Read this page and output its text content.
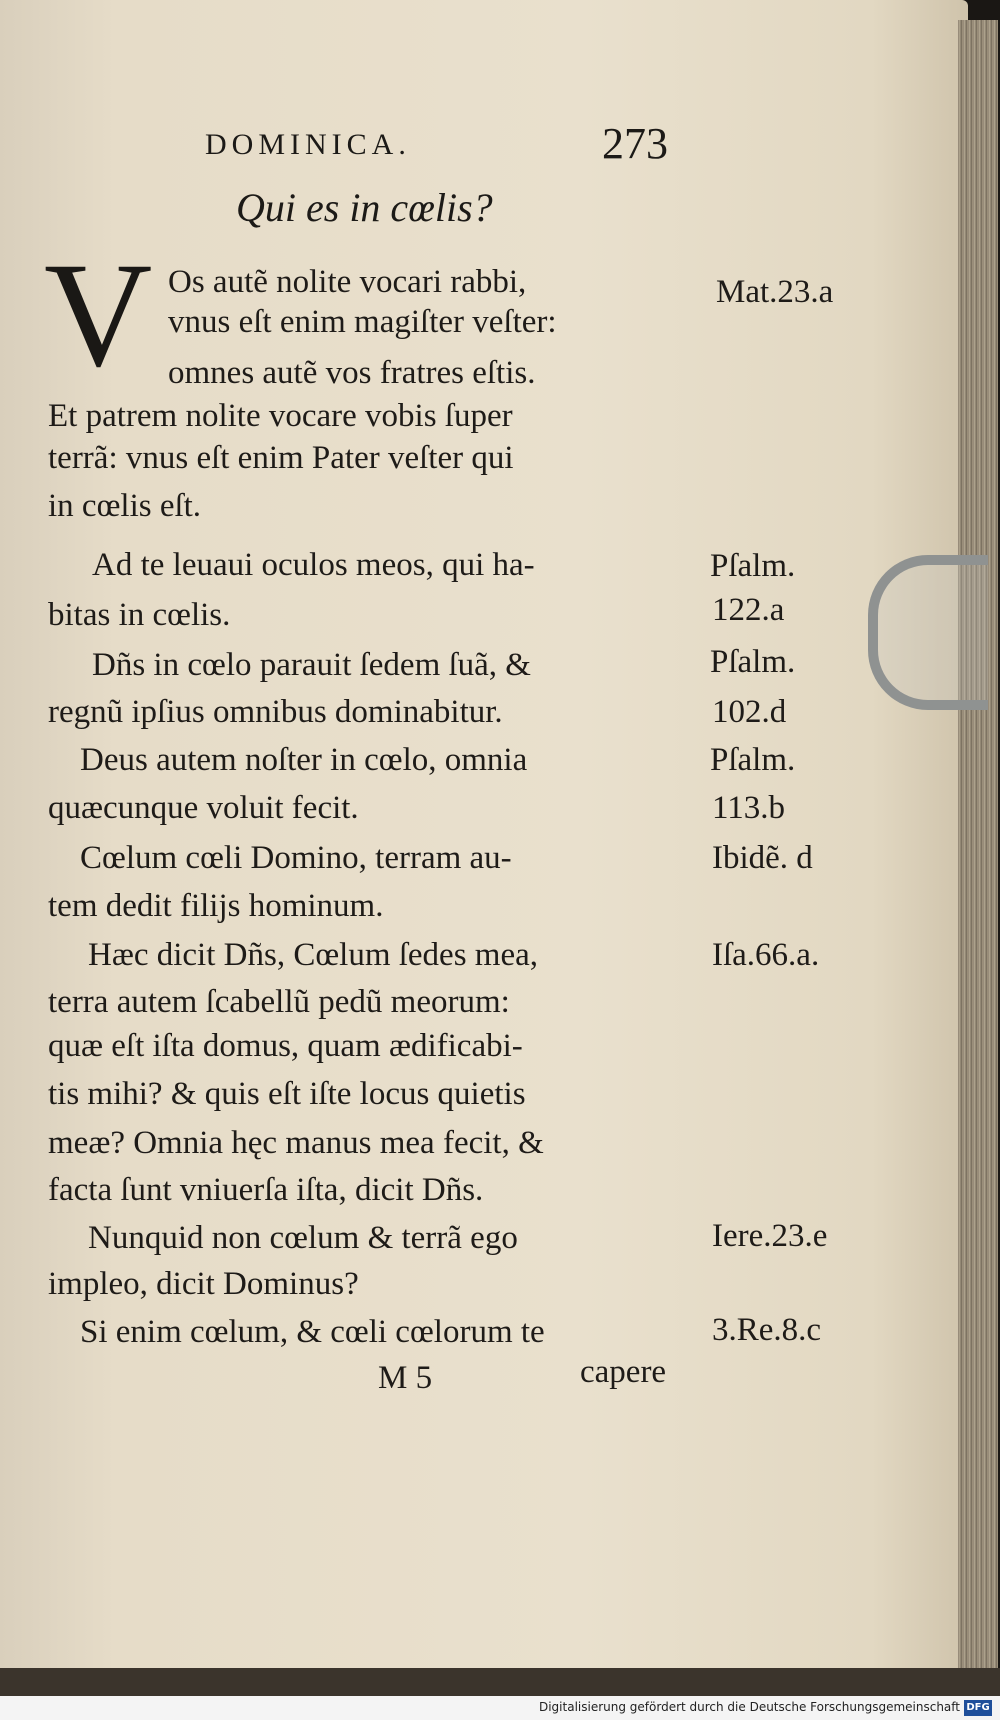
DOMINICA.	273
Qui es in cœlis?
V Os autẽ nolite vocari rabbi,
vnus eſt enim magiſter veſter:
omnes autẽ vos fratres eſtis.
Et patrem nolite vocare vobis ſuper
terrã: vnus eſt enim Pater veſter qui
in cœlis eſt.
Ad te leuaui oculos meos, qui ha-
bitas in cœlis.
Dñs in cœlo parauit ſedem ſuã, &
regnũ ipſius omnibus dominabitur.
Deus autem noſter in cœlo, omnia
quæcunque voluit fecit.
Cœlum cœli Domino, terram au-
tem dedit filijs hominum.
Hæc dicit Dñs, Cœlum ſedes mea,
terra autem ſcabellũ pedũ meorum:
quæ eſt iſta domus, quam ædificabi-
tis mihi? & quis eſt iſte locus quietis
meæ? Omnia hęc manus mea fecit, &
facta ſunt vniuerſa iſta, dicit Dñs.
Nunquid non cœlum & terrã ego
impleo, dicit Dominus?
Si enim cœlum, & cœli cœlorum te
Mat.23.a
Pſalm.
122.a
Pſalm.
102.d
Pſalm.
113.b
Ibidẽ. d
Iſa.66.a.
Iere.23.e
3.Re.8.c
M 5	capere
Digitalisierung gefördert durch die Deutsche Forschungsgemeinschaft DFG
